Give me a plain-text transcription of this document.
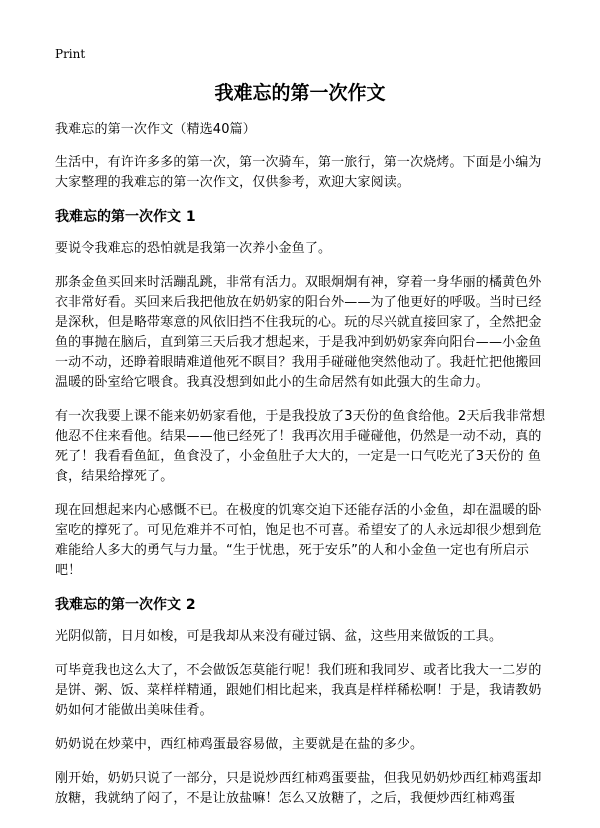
Print
我难忘的第一次作文

我难忘的第一次作文（精选40篇）

生活中，有许许多多的第一次，第一次骑车，第一旅行，第一次烧烤。下面是小编为大家整理的我难忘的第一次作文，仅供参考，欢迎大家阅读。

我难忘的第一次作文 1

要说令我难忘的恐怕就是我第一次养小金鱼了。

那条金鱼买回来时活蹦乱跳，非常有活力。双眼炯炯有神，穿着一身华丽的橘黄色外衣非常好看。买回来后我把他放在奶奶家的阳台外——为了他更好的呼吸。当时已经是深秋，但是略带寒意的风依旧挡不住我玩的心。玩的尽兴就直接回家了，全然把金鱼的事抛在脑后，直到第三天后我才想起来，于是我冲到奶奶家奔向阳台——小金鱼一动不动，还睁着眼睛难道他死不瞑目？我用手碰碰他突然他动了。我赶忙把他搬回温暖的卧室给它喂食。我真没想到如此小的生命居然有如此强大的生命力。

有一次我要上课不能来奶奶家看他，于是我投放了3天份的鱼食给他。2天后我非常想他忍不住来看他。结果——他已经死了！我再次用手碰碰他，仍然是一动不动，真的死了！我看看鱼缸，鱼食没了，小金鱼肚子大大的，一定是一口气吃光了3天份的 鱼食，结果给撑死了。

现在回想起来内心感慨不已。在极度的饥寒交迫下还能存活的小金鱼，却在温暖的卧室吃的撑死了。可见危难并不可怕，饱足也不可喜。希望安了的人永远却很少想到危难能给人多大的勇气与力量。“生于忧患，死于安乐”的人和小金鱼一定也有所启示吧！

我难忘的第一次作文 2

光阴似箭，日月如梭，可是我却从来没有碰过锅、盆，这些用来做饭的工具。

可毕竟我也这么大了，不会做饭怎莫能行呢！我们班和我同岁、或者比我大一二岁的是饼、粥、饭、菜样样精通，跟她们相比起来，我真是样样稀松啊！于是，我请教奶奶如何才能做出美味佳肴。

奶奶说在炒菜中，西红柿鸡蛋最容易做，主要就是在盐的多少。

刚开始，奶奶只说了一部分，只是说炒西红柿鸡蛋要盐，但我见奶奶炒西红柿鸡蛋却放糖，我就纳了闷了，不是让放盐嘛！怎么又放糖了，之后，我便炒西红柿鸡蛋
